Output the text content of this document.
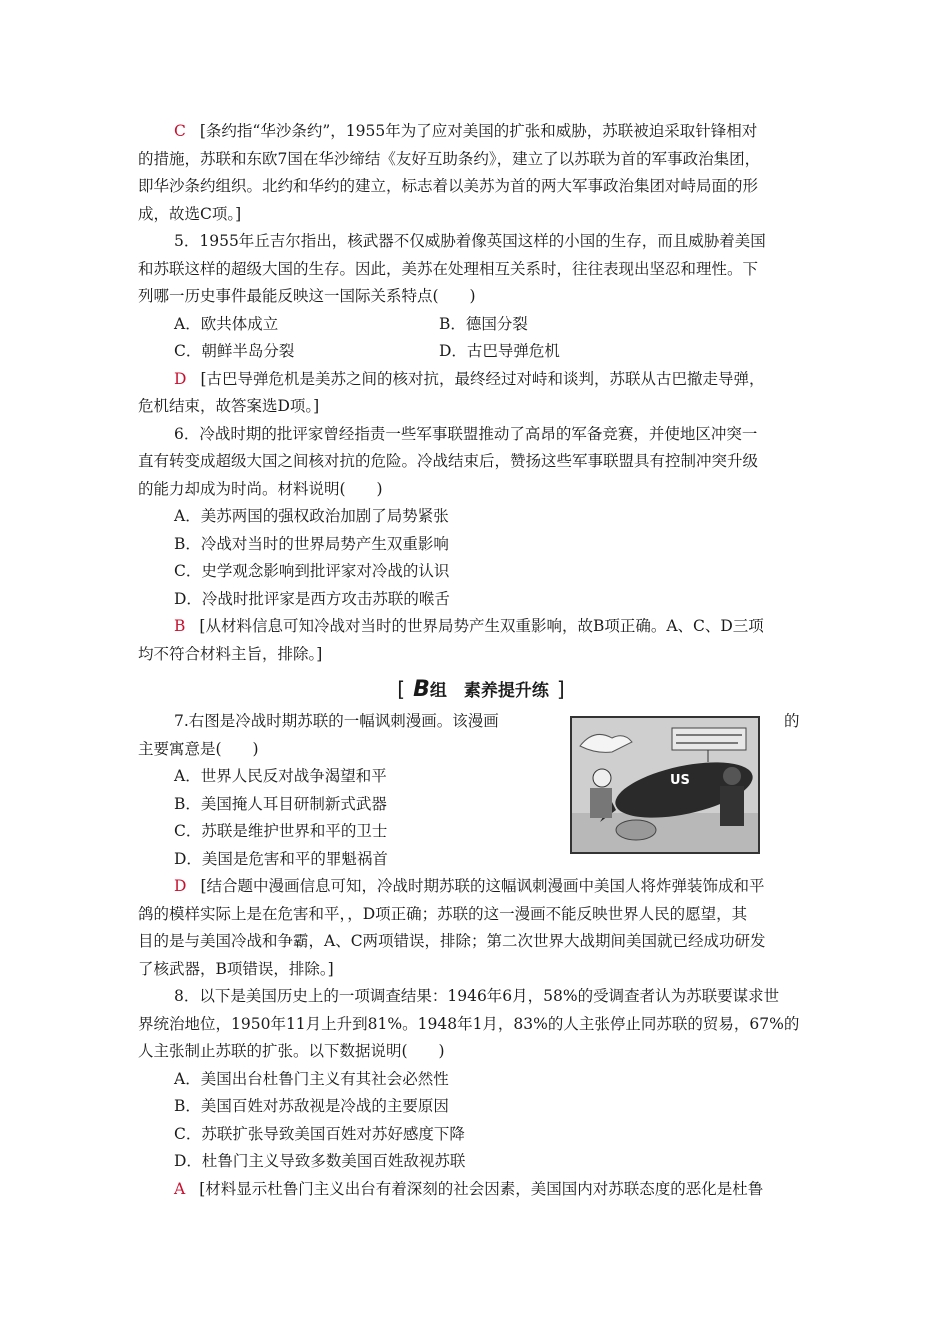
C [条约指“华沙条约”，1955年为了应对美国的扩张和威胁，苏联被迫采取针锋相对

的措施，苏联和东欧7国在华沙缔结《友好互助条约》，建立了以苏联为首的军事政治集团，

即华沙条约组织。北约和华约的建立，标志着以美苏为首的两大军事政治集团对峙局面的形

成，故选C项。]

5．1955年丘吉尔指出，核武器不仅威胁着像英国这样的小国的生存，而且威胁着美国

和苏联这样的超级大国的生存。因此，美苏在处理相互关系时，往往表现出坚忍和理性。下

列哪一历史事件最能反映这一国际关系特点(　　)

A．欧共体成立	B．德国分裂
C．朝鲜半岛分裂	D．古巴导弹危机

D [古巴导弹危机是美苏之间的核对抗，最终经过对峙和谈判，苏联从古巴撤走导弹，

危机结束，故答案选D项。]

6．冷战时期的批评家曾经指责一些军事联盟推动了高昂的军备竞赛，并使地区冲突一

直有转变成超级大国之间核对抗的危险。冷战结束后，赞扬这些军事联盟具有控制冲突升级

的能力却成为时尚。材料说明(　　)

A．美苏两国的强权政治加剧了局势紧张

B．冷战对当时的世界局势产生双重影响

C．史学观念影响到批评家对冷战的认识

D．冷战时批评家是西方攻击苏联的喉舌

B [从材料信息可知冷战对当时的世界局势产生双重影响，故B项正确。A、C、D三项

均不符合材料主旨，排除。]

[ B组　素养提升练 ]

7.右图是冷战时期苏联的一幅讽刺漫画。该漫画	的

主要寓意是(　　)

A．世界人民反对战争渴望和平

B．美国掩人耳目研制新式武器

C．苏联是维护世界和平的卫士

D．美国是危害和平的罪魁祸首

US

D [结合题中漫画信息可知，冷战时期苏联的这幅讽刺漫画中美国人将炸弹装饰成和平

鸽的模样实际上是在危害和平，，D项正确；苏联的这一漫画不能反映世界人民的愿望，其

目的是与美国冷战和争霸，A、C两项错误，排除；第二次世界大战期间美国就已经成功研发

了核武器，B项错误，排除。]

8．以下是美国历史上的一项调查结果：1946年6月，58%的受调查者认为苏联要谋求世

界统治地位，1950年11月上升到81%。1948年1月，83%的人主张停止同苏联的贸易，67%的

人主张制止苏联的扩张。以下数据说明(　　)

A．美国出台杜鲁门主义有其社会必然性

B．美国百姓对苏敌视是冷战的主要原因

C．苏联扩张导致美国百姓对苏好感度下降

D．杜鲁门主义导致多数美国百姓敌视苏联

A [材料显示杜鲁门主义出台有着深刻的社会因素，美国国内对苏联态度的恶化是杜鲁
